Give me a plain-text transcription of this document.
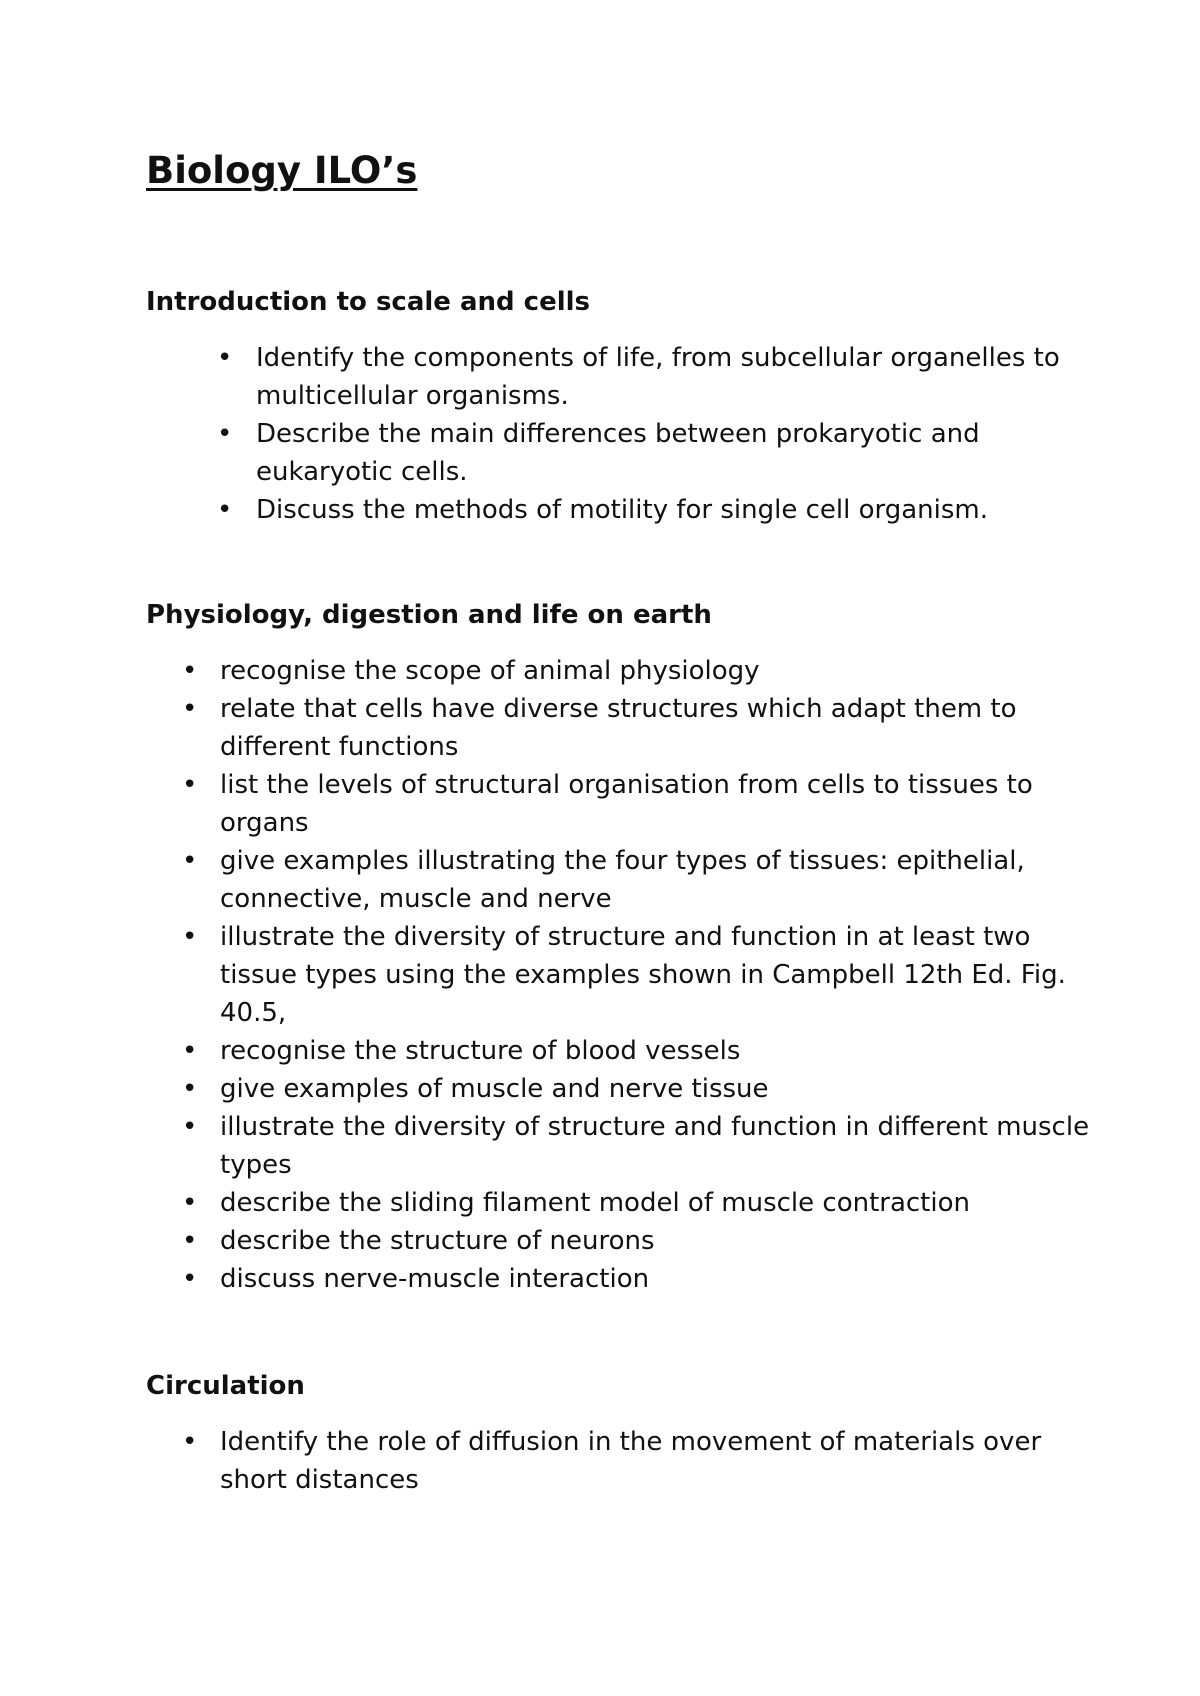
Biology ILO’s
Introduction to scale and cells
• Identify the components of life, from subcellular organelles to multicellular organisms.
• Describe the main differences between prokaryotic and eukaryotic cells.
• Discuss the methods of motility for single cell organism.
Physiology, digestion and life on earth
• recognise the scope of animal physiology
• relate that cells have diverse structures which adapt them to different functions
• list the levels of structural organisation from cells to tissues to organs
• give examples illustrating the four types of tissues: epithelial, connective, muscle and nerve
• illustrate the diversity of structure and function in at least two tissue types using the examples shown in Campbell 12th Ed. Fig. 40.5,
• recognise the structure of blood vessels
• give examples of muscle and nerve tissue
• illustrate the diversity of structure and function in different muscle types
• describe the sliding filament model of muscle contraction
• describe the structure of neurons
• discuss nerve-muscle interaction
Circulation
• Identify the role of diffusion in the movement of materials over short distances
